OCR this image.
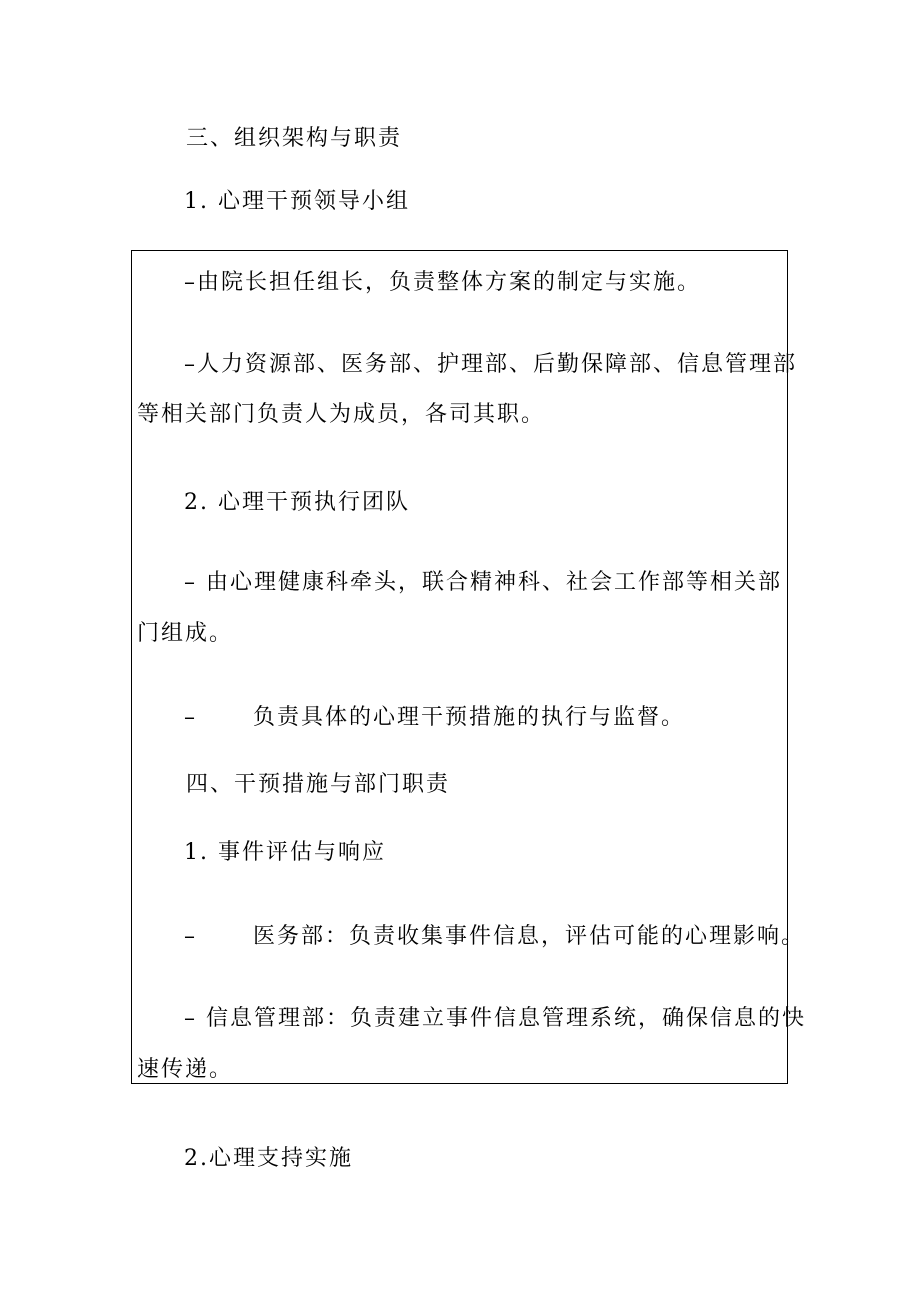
三、组织架构与职责
1. 心理干预领导小组
–由院长担任组长，负责整体方案的制定与实施。
–人力资源部、医务部、护理部、后勤保障部、信息管理部
等相关部门负责人为成员，各司其职。
2. 心理干预执行团队
– 由心理健康科牵头，联合精神科、社会工作部等相关部
门组成。
–	负责具体的心理干预措施的执行与监督。
四、干预措施与部门职责
1. 事件评估与响应
–	医务部：负责收集事件信息，评估可能的心理影响。
– 信息管理部：负责建立事件信息管理系统，确保信息的快
速传递。
2.心理支持实施
